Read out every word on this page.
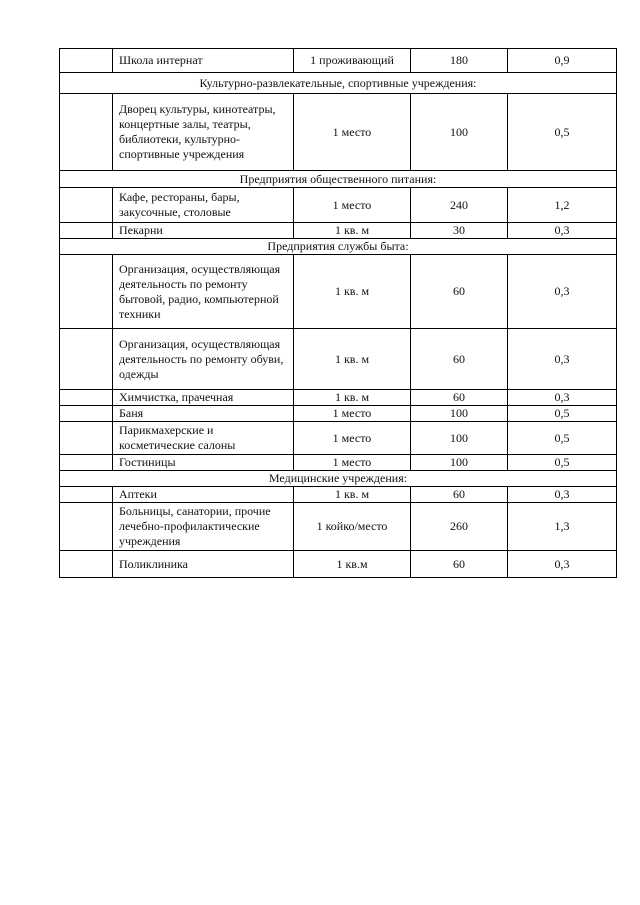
	Школа интернат	1 проживающий	180	0,9
Культурно-развлекательные, спортивные учреждения:				
	Дворец культуры, кинотеатры, концертные залы, театры, библиотеки, культурно-спортивные учреждения	1 место	100	0,5
Предприятия общественного питания:				
	Кафе, рестораны, бары, закусочные, столовые	1 место	240	1,2
	Пекарни	1 кв. м	30	0,3
Предприятия службы быта:				
	Организация, осуществляющая деятельность по ремонту бытовой, радио, компьютерной техники	1 кв. м	60	0,3
	Организация, осуществляющая деятельность по ремонту обуви, одежды	1 кв. м	60	0,3
	Химчистка, прачечная	1 кв. м	60	0,3
	Баня	1 место	100	0,5
	Парикмахерские и косметические салоны	1 место	100	0,5
	Гостиницы	1 место	100	0,5
Медицинские учреждения:				
	Аптеки	1 кв. м	60	0,3
	Больницы, санатории, прочие лечебно-профилактические учреждения	1 койко/место	260	1,3
	Поликлиника	1 кв.м	60	0,3
